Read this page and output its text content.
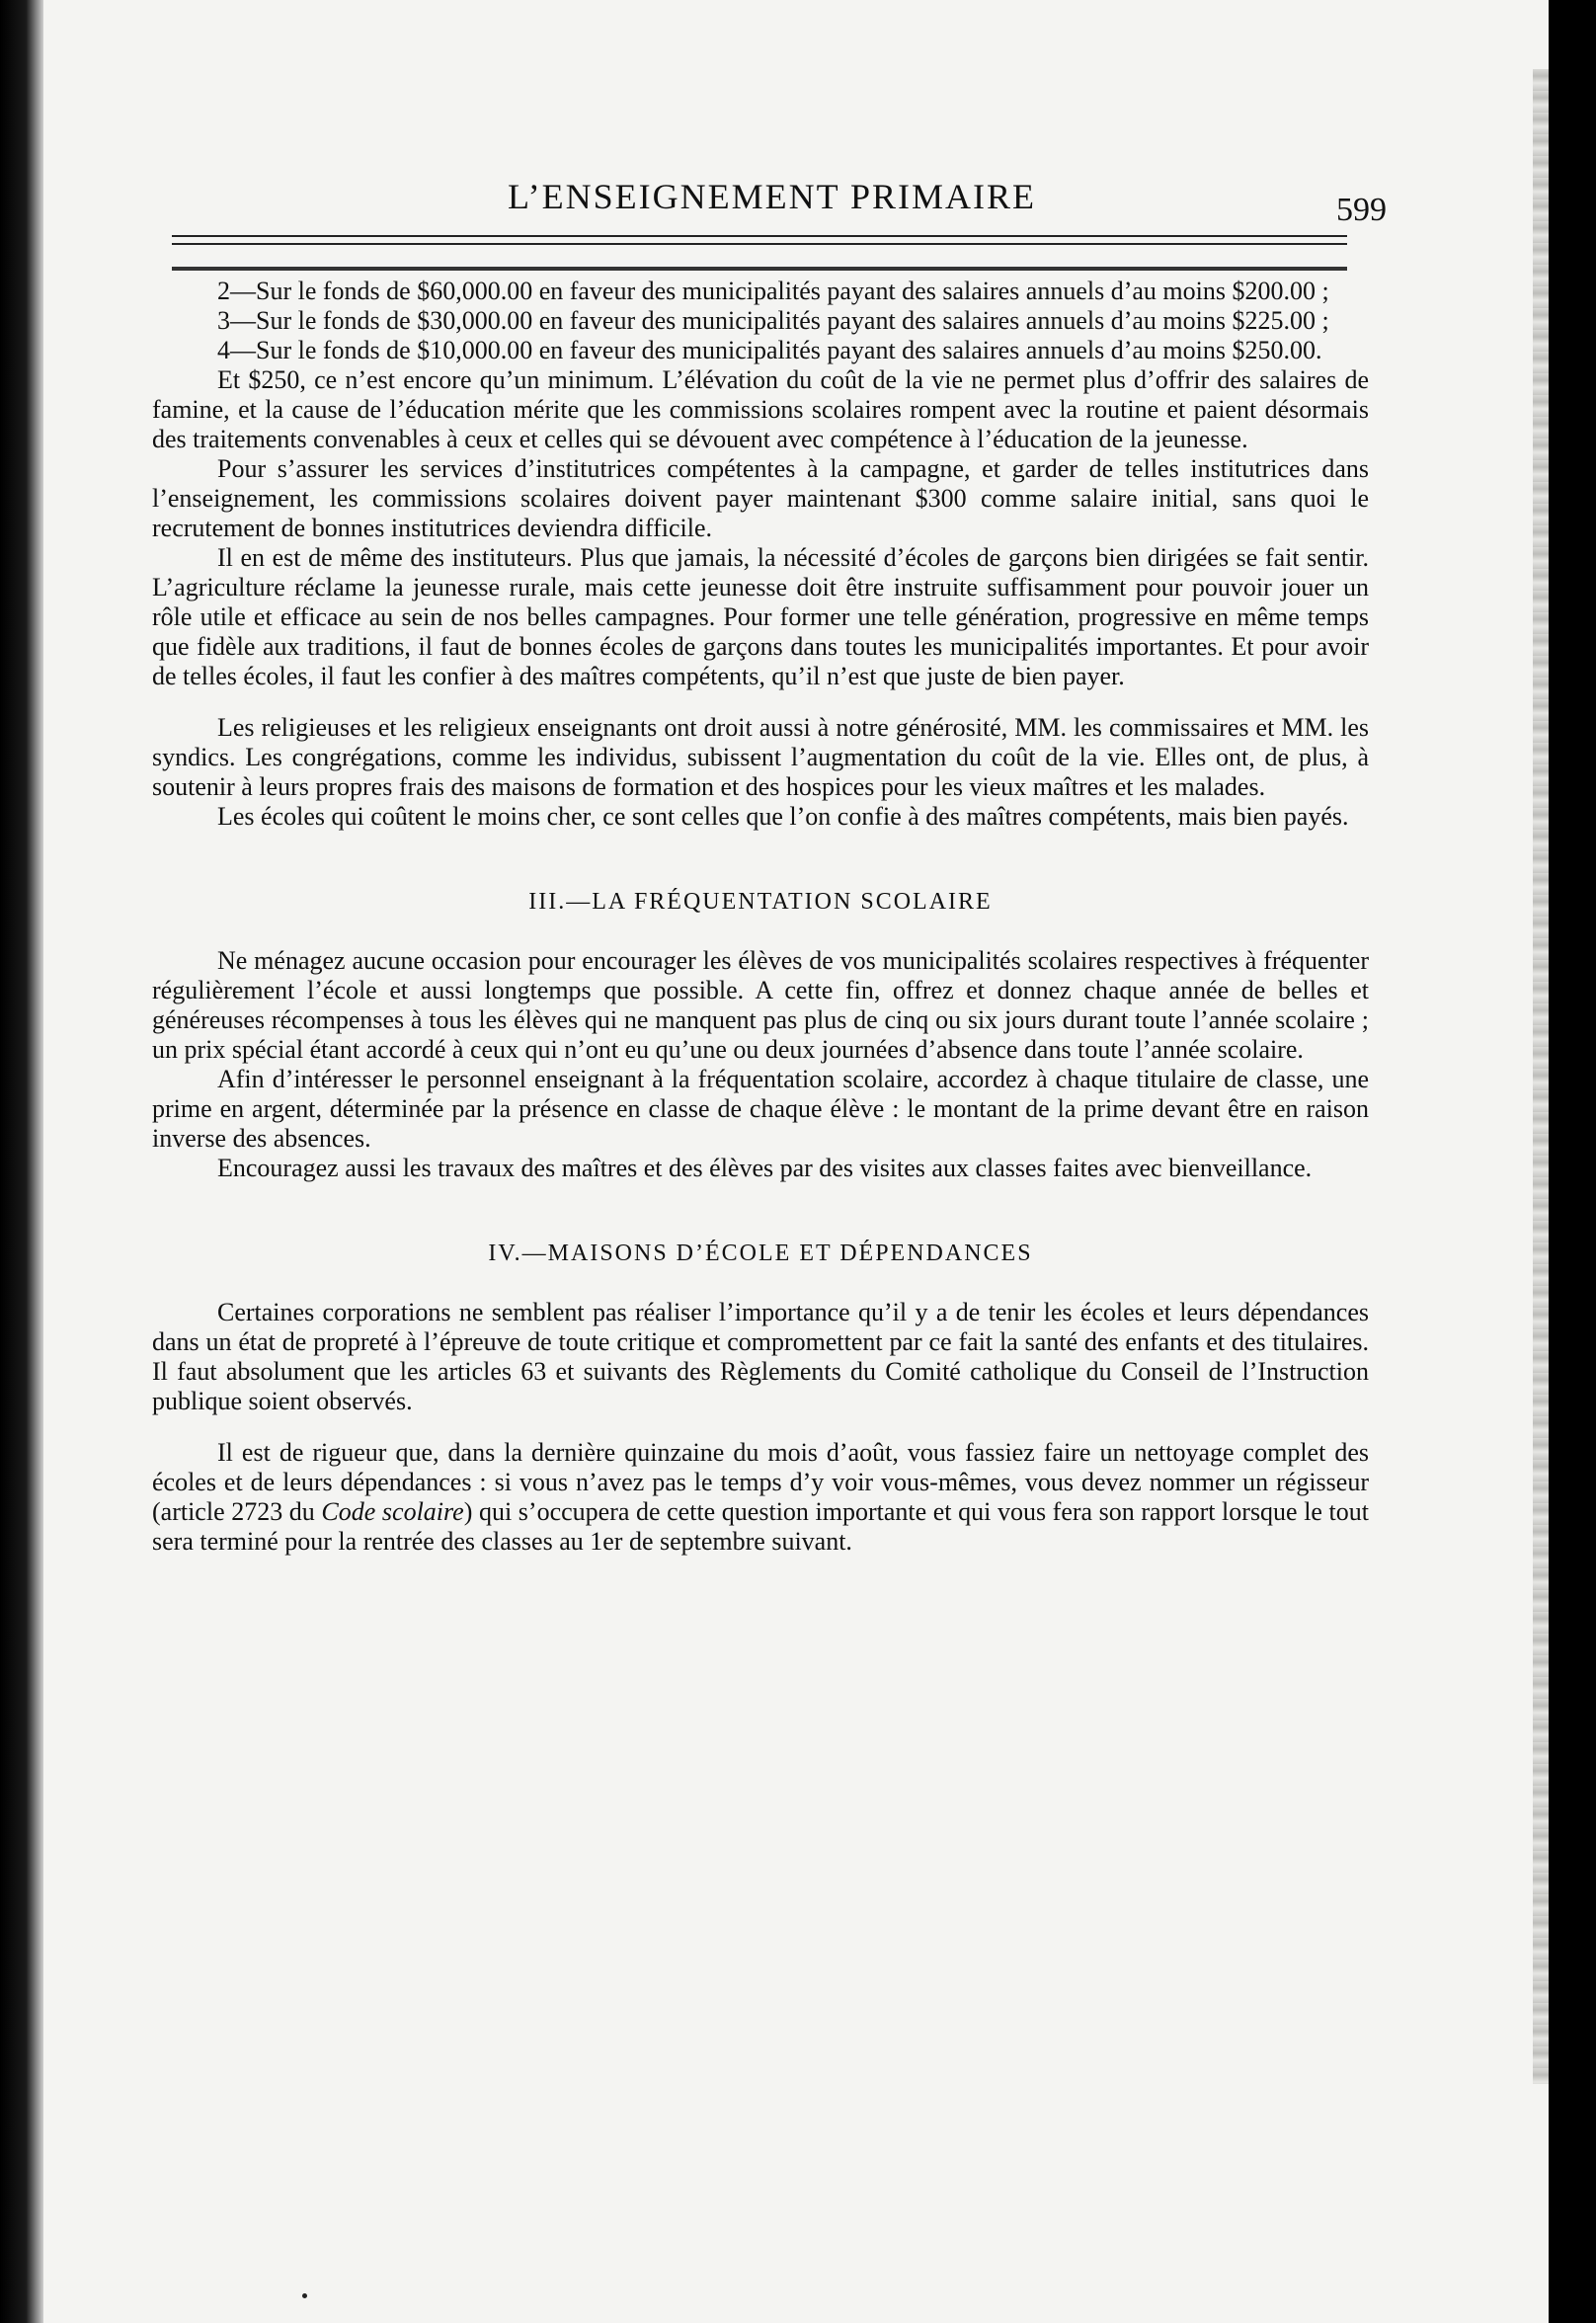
L’ENSEIGNEMENT PRIMAIRE	599

2—Sur le fonds de $60,000.00 en faveur des municipalités payant des salaires annuels d’au moins $200.00 ;

3—Sur le fonds de $30,000.00 en faveur des municipalités payant des salaires annuels d’au moins $225.00 ;

4—Sur le fonds de $10,000.00 en faveur des municipalités payant des salaires annuels d’au moins $250.00.

Et $250, ce n’est encore qu’un minimum. L’élévation du coût de la vie ne permet plus d’offrir des salaires de famine, et la cause de l’éducation mérite que les commissions scolaires rompent avec la routine et paient désormais des traitements convenables à ceux et celles qui se dévouent avec compétence à l’éducation de la jeunesse.

Pour s’assurer les services d’institutrices compétentes à la campagne, et garder de telles institutrices dans l’enseignement, les commissions scolaires doivent payer maintenant $300 comme salaire initial, sans quoi le recrutement de bonnes institutrices deviendra difficile.

Il en est de même des instituteurs. Plus que jamais, la nécessité d’écoles de garçons bien dirigées se fait sentir. L’agriculture réclame la jeunesse rurale, mais cette jeunesse doit être instruite suffisamment pour pouvoir jouer un rôle utile et efficace au sein de nos belles campagnes. Pour former une telle génération, progressive en même temps que fidèle aux traditions, il faut de bonnes écoles de garçons dans toutes les municipalités importantes. Et pour avoir de telles écoles, il faut les confier à des maîtres compétents, qu’il n’est que juste de bien payer.

Les religieuses et les religieux enseignants ont droit aussi à notre générosité, MM. les commissaires et MM. les syndics. Les congrégations, comme les individus, subissent l’augmentation du coût de la vie. Elles ont, de plus, à soutenir à leurs propres frais des maisons de formation et des hospices pour les vieux maîtres et les malades.

Les écoles qui coûtent le moins cher, ce sont celles que l’on confie à des maîtres compétents, mais bien payés.

III.—LA FRÉQUENTATION SCOLAIRE

Ne ménagez aucune occasion pour encourager les élèves de vos municipalités scolaires respectives à fréquenter régulièrement l’école et aussi longtemps que possible. A cette fin, offrez et donnez chaque année de belles et généreuses récompenses à tous les élèves qui ne manquent pas plus de cinq ou six jours durant toute l’année scolaire ; un prix spécial étant accordé à ceux qui n’ont eu qu’une ou deux journées d’absence dans toute l’année scolaire.

Afin d’intéresser le personnel enseignant à la fréquentation scolaire, accordez à chaque titulaire de classe, une prime en argent, déterminée par la présence en classe de chaque élève : le montant de la prime devant être en raison inverse des absences.

Encouragez aussi les travaux des maîtres et des élèves par des visites aux classes faites avec bienveillance.

IV.—MAISONS D’ÉCOLE ET DÉPENDANCES

Certaines corporations ne semblent pas réaliser l’importance qu’il y a de tenir les écoles et leurs dépendances dans un état de propreté à l’épreuve de toute critique et compromettent par ce fait la santé des enfants et des titulaires. Il faut absolument que les articles 63 et suivants des Règlements du Comité catholique du Conseil de l’Instruction publique soient observés.

Il est de rigueur que, dans la dernière quinzaine du mois d’août, vous fassiez faire un nettoyage complet des écoles et de leurs dépendances : si vous n’avez pas le temps d’y voir vous-mêmes, vous devez nommer un régisseur (article 2723 du Code scolaire) qui s’occupera de cette question importante et qui vous fera son rapport lorsque le tout sera terminé pour la rentrée des classes au 1er de septembre suivant.
